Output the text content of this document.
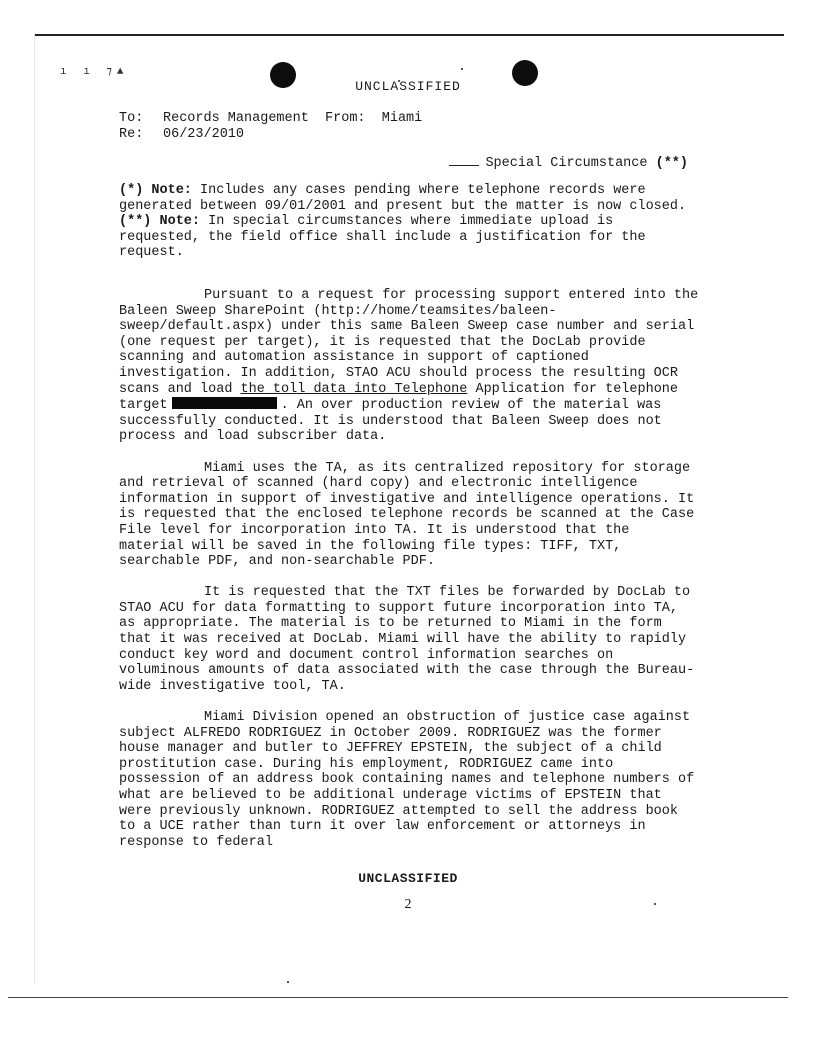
ı ı ⁊▲
UNCLASSIFIED
To: Records Management From: Miami
Re: 06/23/2010
Special Circumstance (**)

(*) Note: Includes any cases pending where telephone records were generated between 09/01/2001 and present but the matter is now closed.

(**) Note: In special circumstances where immediate upload is requested, the field office shall include a justification for the request.

Pursuant to a request for processing support entered into the Baleen Sweep SharePoint (http://home/teamsites/baleen-sweep/default.aspx) under this same Baleen Sweep case number and serial (one request per target), it is requested that the DocLab provide scanning and automation assistance in support of captioned investigation. In addition, STAO ACU should process the resulting OCR scans and load the toll data into Telephone Application for telephone target	. An over production review of the material was successfully conducted. It is understood that Baleen Sweep does not process and load subscriber data.

Miami uses the TA, as its centralized repository for storage and retrieval of scanned (hard copy) and electronic intelligence information in support of investigative and intelligence operations. It is requested that the enclosed telephone records be scanned at the Case File level for incorporation into TA. It is understood that the material will be saved in the following file types: TIFF, TXT, searchable PDF, and non-searchable PDF.

It is requested that the TXT files be forwarded by DocLab to STAO ACU for data formatting to support future incorporation into TA, as appropriate. The material is to be returned to Miami in the form that it was received at DocLab. Miami will have the ability to rapidly conduct key word and document control information searches on voluminous amounts of data associated with the case through the Bureau-wide investigative tool, TA.

Miami Division opened an obstruction of justice case against subject ALFREDO RODRIGUEZ in October 2009. RODRIGUEZ was the former house manager and butler to JEFFREY EPSTEIN, the subject of a child prostitution case. During his employment, RODRIGUEZ came into possession of an address book containing names and telephone numbers of what are believed to be additional underage victims of EPSTEIN that were previously unknown. RODRIGUEZ attempted to sell the address book to a UCE rather than turn it over law enforcement or attorneys in response to federal

UNCLASSIFIED
2
